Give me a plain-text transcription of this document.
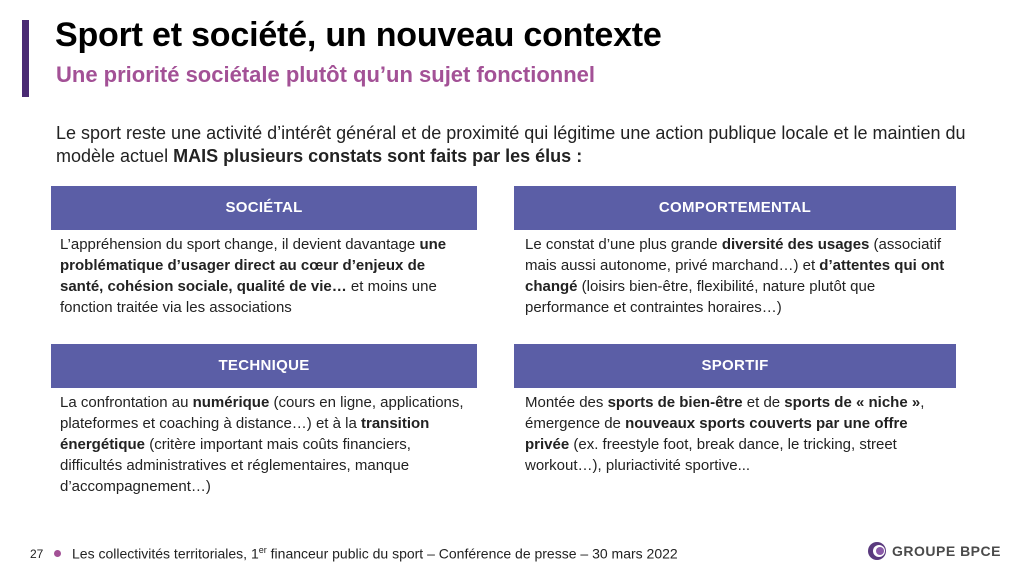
Sport et société, un nouveau contexte
Une priorité sociétale plutôt qu’un sujet fonctionnel
Le sport reste une activité d’intérêt général et de proximité qui légitime une action publique locale et le maintien du modèle actuel MAIS plusieurs constats sont faits par les élus :
SOCIÉTAL
L’appréhension du sport change, il devient davantage une problématique d’usager direct au cœur d’enjeux de santé, cohésion sociale, qualité de vie… et moins une fonction traitée via les associations
COMPORTEMENTAL
Le constat d’une plus grande diversité des usages (associatif mais aussi autonome, privé marchand…) et d’attentes qui ont changé (loisirs bien-être, flexibilité, nature plutôt que performance et contraintes horaires…)
TECHNIQUE
La confrontation au numérique (cours en ligne, applications, plateformes et coaching à distance…) et à la transition énergétique (critère important mais coûts financiers, difficultés administratives et réglementaires, manque d’accompagnement…)
SPORTIF
Montée des sports de bien-être et de sports de « niche », émergence de nouveaux sports couverts par une offre privée (ex. freestyle foot, break dance, le tricking, street workout…), pluriactivité sportive...
27 Les collectivités territoriales, 1er financeur public du sport – Conférence de presse – 30 mars 2022	GROUPE BPCE
